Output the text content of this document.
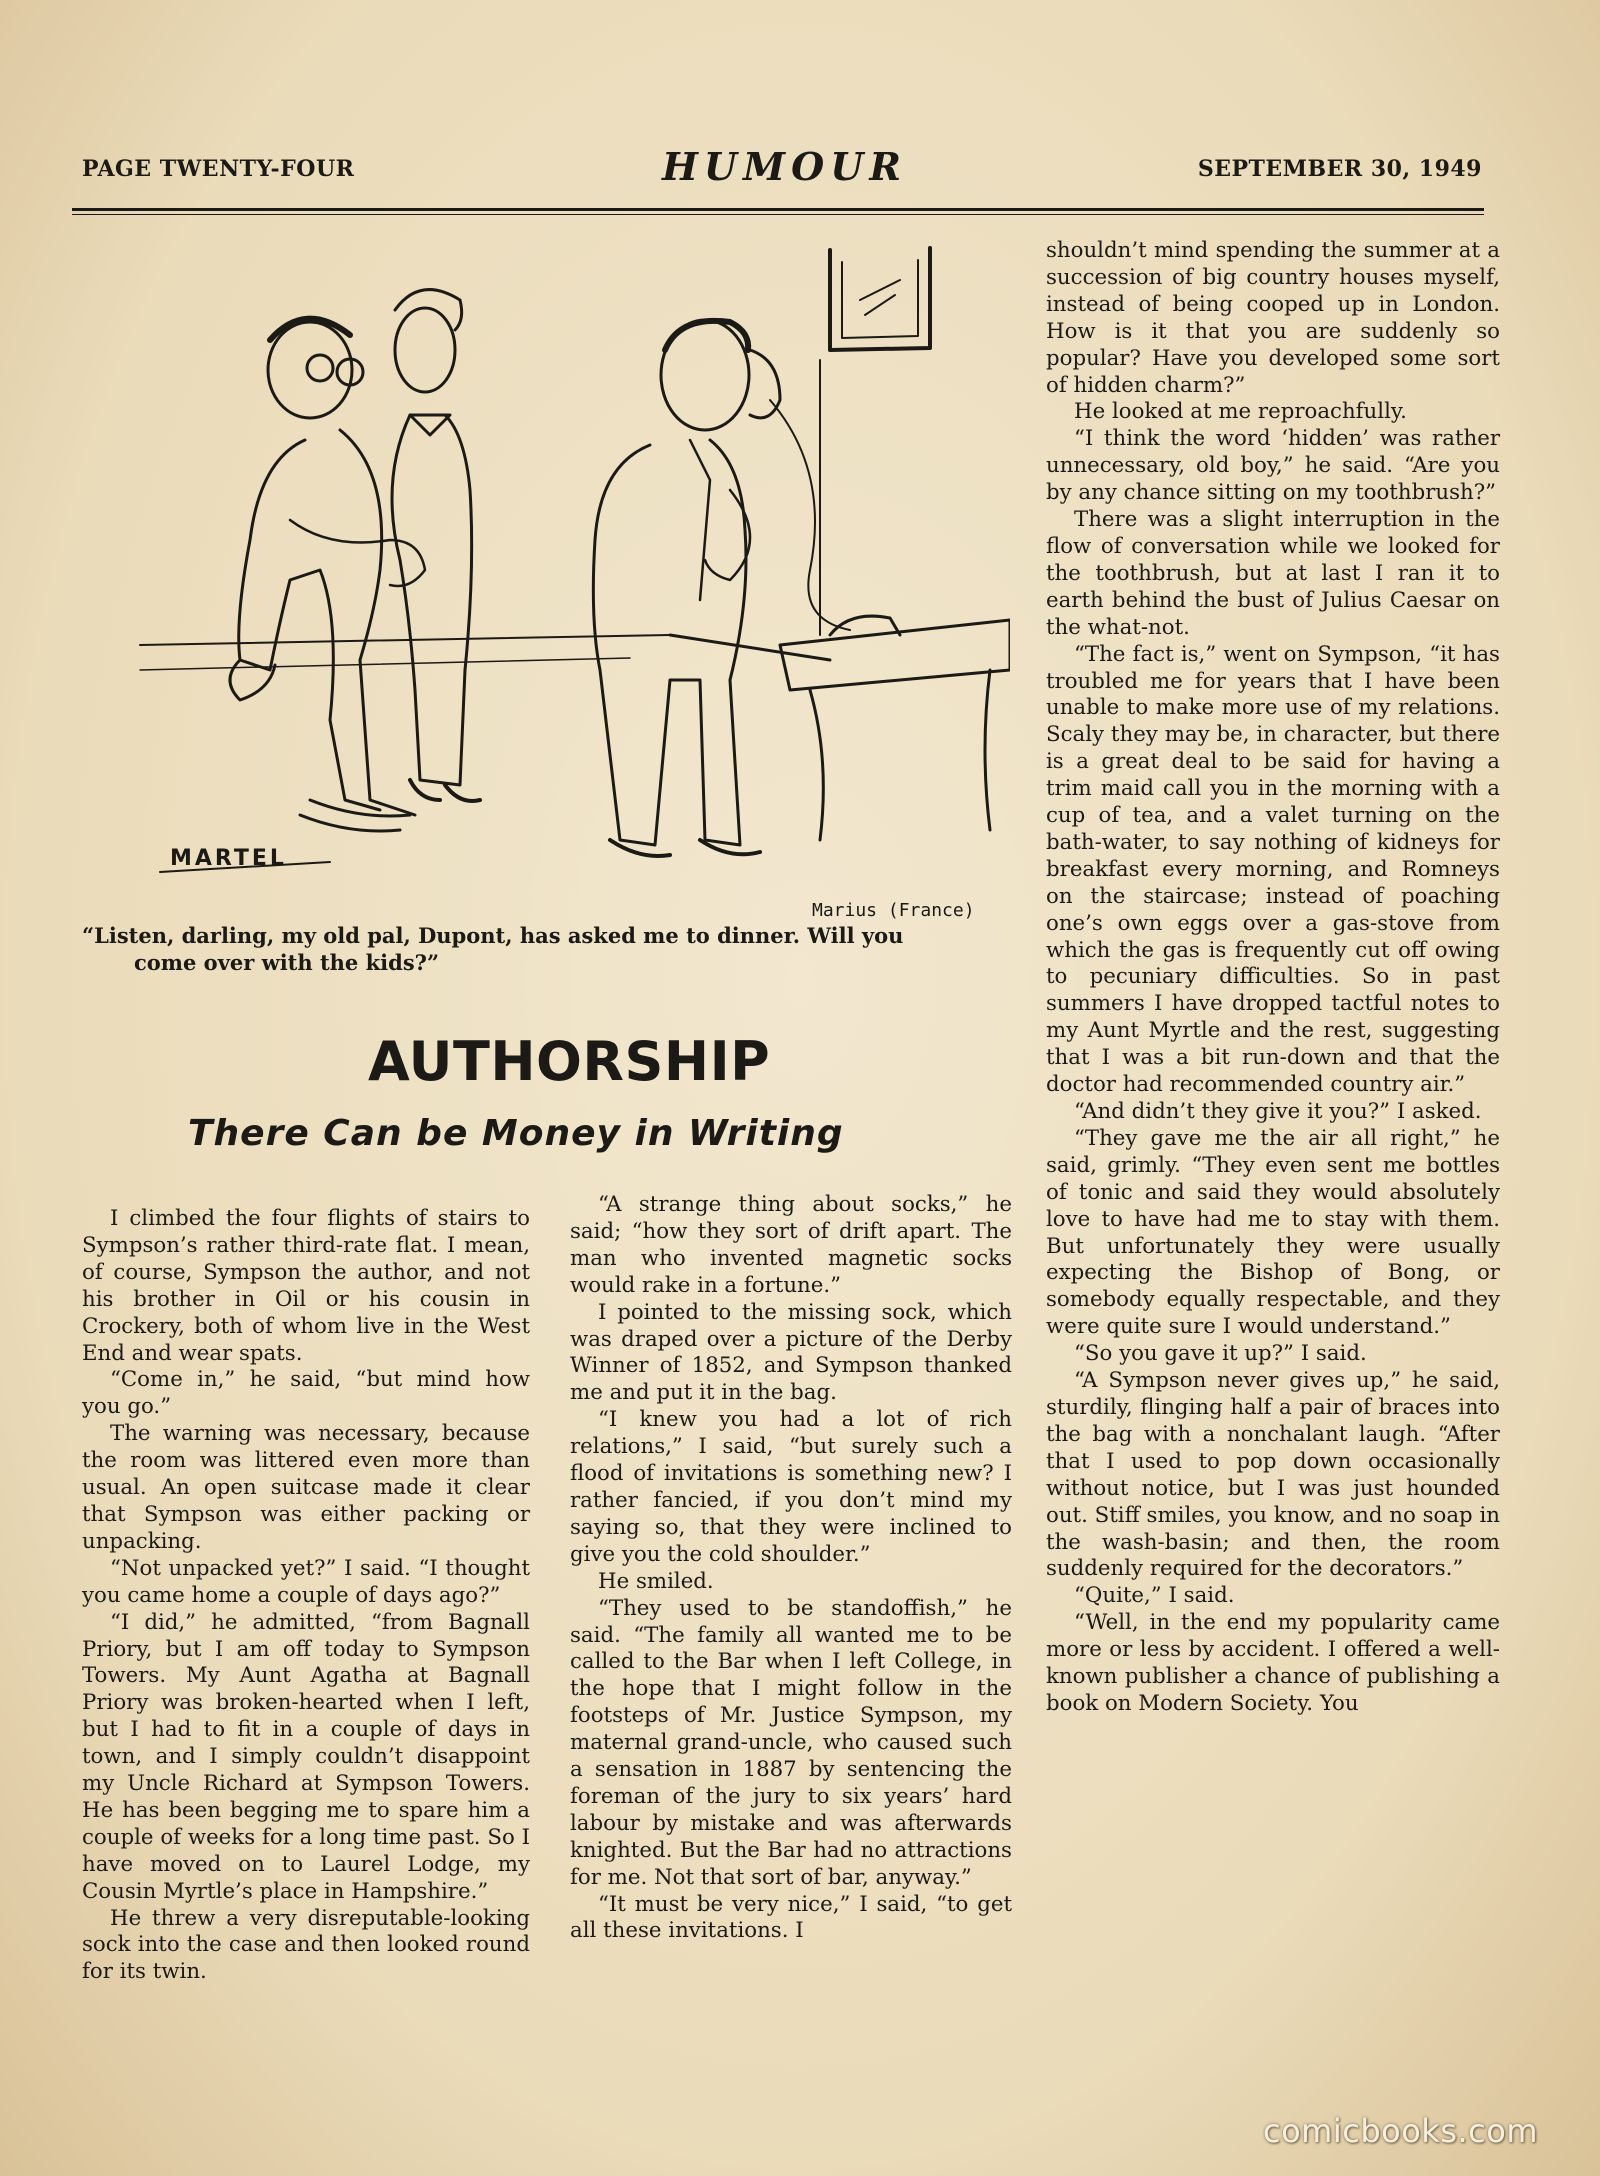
PAGE TWENTY-FOUR	HUMOUR	SEPTEMBER 30, 1949
MARTEL
Marius (France)
“Listen, darling, my old pal, Dupont, has asked me to dinner. Will you
come over with the kids?”
AUTHORSHIP
There Can be Money in Writing

I climbed the four flights of stairs to Sympson’s rather third-rate flat. I mean, of course, Sympson the author, and not his brother in Oil or his cousin in Crockery, both of whom live in the West End and wear spats.

“Come in,” he said, “but mind how you go.”

The warning was necessary, because the room was littered even more than usual. An open suitcase made it clear that Sympson was either packing or unpacking.

“Not unpacked yet?” I said. “I thought you came home a couple of days ago?”

“I did,” he admitted, “from Bagnall Priory, but I am off today to Sympson Towers. My Aunt Agatha at Bagnall Priory was broken-hearted when I left, but I had to fit in a couple of days in town, and I simply couldn’t disappoint my Uncle Richard at Sympson Towers. He has been begging me to spare him a couple of weeks for a long time past. So I have moved on to Laurel Lodge, my Cousin Myrtle’s place in Hampshire.”

He threw a very disreputable-looking sock into the case and then looked round for its twin.

“A strange thing about socks,” he said; “how they sort of drift apart. The man who invented magnetic socks would rake in a fortune.”

I pointed to the missing sock, which was draped over a picture of the Derby Winner of 1852, and Sympson thanked me and put it in the bag.

“I knew you had a lot of rich relations,” I said, “but surely such a flood of invitations is something new? I rather fancied, if you don’t mind my saying so, that they were inclined to give you the cold shoulder.”

He smiled.

“They used to be standoffish,” he said. “The family all wanted me to be called to the Bar when I left College, in the hope that I might follow in the footsteps of Mr. Justice Sympson, my maternal grand-uncle, who caused such a sensation in 1887 by sentencing the foreman of the jury to six years’ hard labour by mistake and was afterwards knighted. But the Bar had no attractions for me. Not that sort of bar, anyway.”

“It must be very nice,” I said, “to get all these invitations. I

shouldn’t mind spending the summer at a succession of big country houses myself, instead of being cooped up in London. How is it that you are suddenly so popular? Have you developed some sort of hidden charm?”

He looked at me reproachfully.

“I think the word ‘hidden’ was rather unnecessary, old boy,” he said. “Are you by any chance sitting on my toothbrush?”

There was a slight interruption in the flow of conversation while we looked for the toothbrush, but at last I ran it to earth behind the bust of Julius Caesar on the what-not.

“The fact is,” went on Sympson, “it has troubled me for years that I have been unable to make more use of my relations. Scaly they may be, in character, but there is a great deal to be said for having a trim maid call you in the morning with a cup of tea, and a valet turning on the bath-water, to say nothing of kidneys for breakfast every morning, and Romneys on the staircase; instead of poaching one’s own eggs over a gas-stove from which the gas is frequently cut off owing to pecuniary difficulties. So in past summers I have dropped tactful notes to my Aunt Myrtle and the rest, suggesting that I was a bit run-down and that the doctor had recommended country air.”

“And didn’t they give it you?” I asked.

“They gave me the air all right,” he said, grimly. “They even sent me bottles of tonic and said they would absolutely love to have had me to stay with them. But unfortunately they were usually expecting the Bishop of Bong, or somebody equally respectable, and they were quite sure I would understand.”

“So you gave it up?” I said.

“A Sympson never gives up,” he said, sturdily, flinging half a pair of braces into the bag with a nonchalant laugh. “After that I used to pop down occasionally without notice, but I was just hounded out. Stiff smiles, you know, and no soap in the wash-basin; and then, the room suddenly required for the decorators.”

“Quite,” I said.

“Well, in the end my popularity came more or less by accident. I offered a well-known publisher a chance of publishing a book on Modern Society. You

comicbooks.com
